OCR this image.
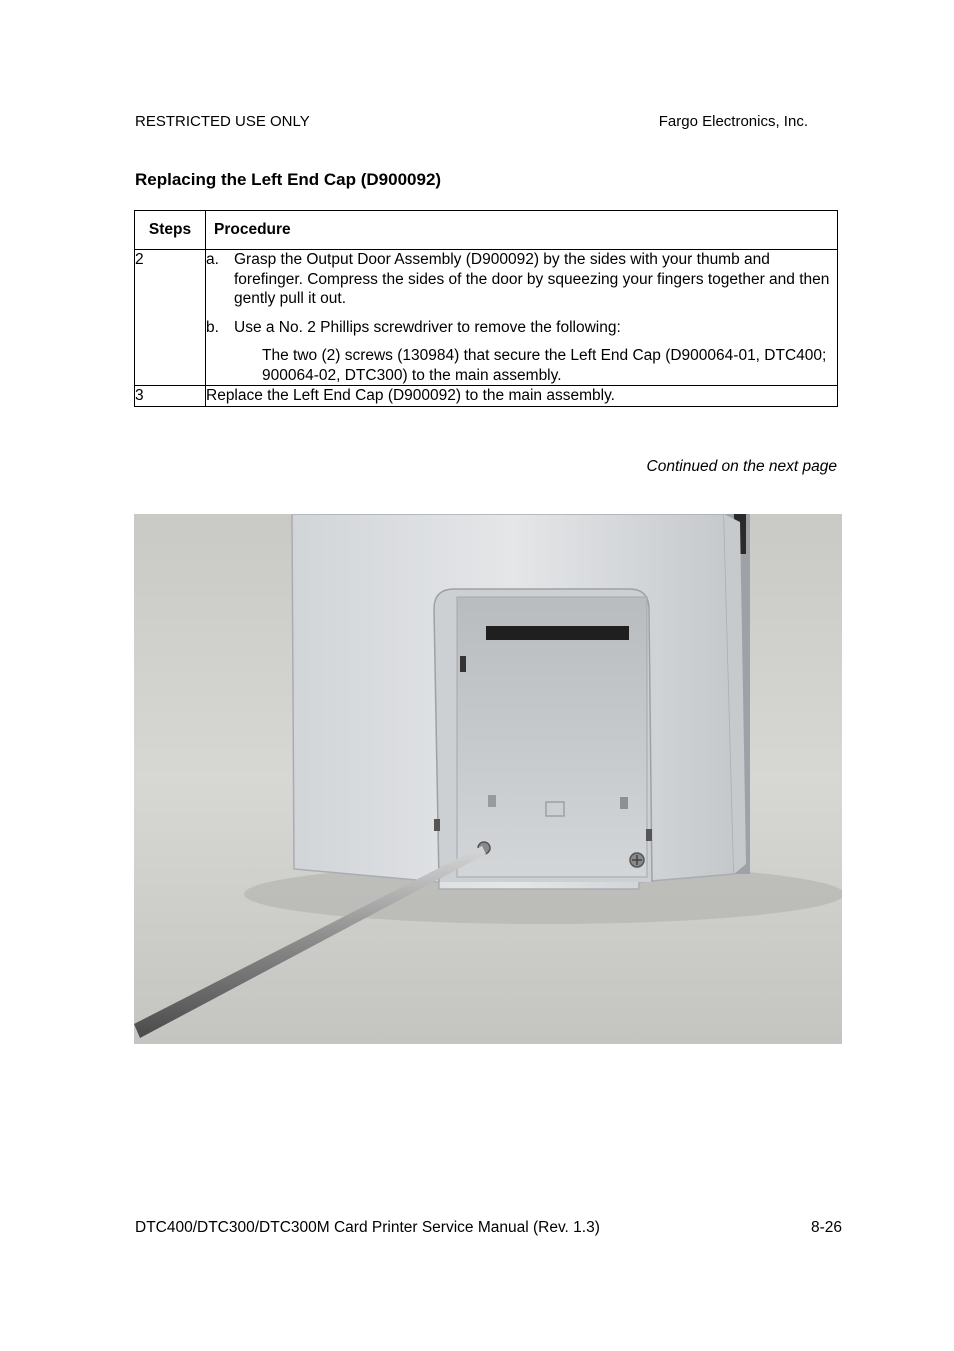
RESTRICTED USE ONLY	Fargo Electronics, Inc.
Replacing the Left End Cap (D900092)
Steps	Procedure
2	a. Grasp the Output Door Assembly (D900092) by the sides with your thumb and forefinger. Compress the sides of the door by squeezing your fingers together and then gently pull it out.
b. Use a No. 2 Phillips screwdriver to remove the following:
The two (2) screws (130984) that secure the Left End Cap (D900064-01, DTC400; 900064-02, DTC300) to the main assembly.

3	Replace the Left End Cap (D900092) to the main assembly.
Continued on the next page
DTC400/DTC300/DTC300M Card Printer Service Manual (Rev. 1.3)	8-26
